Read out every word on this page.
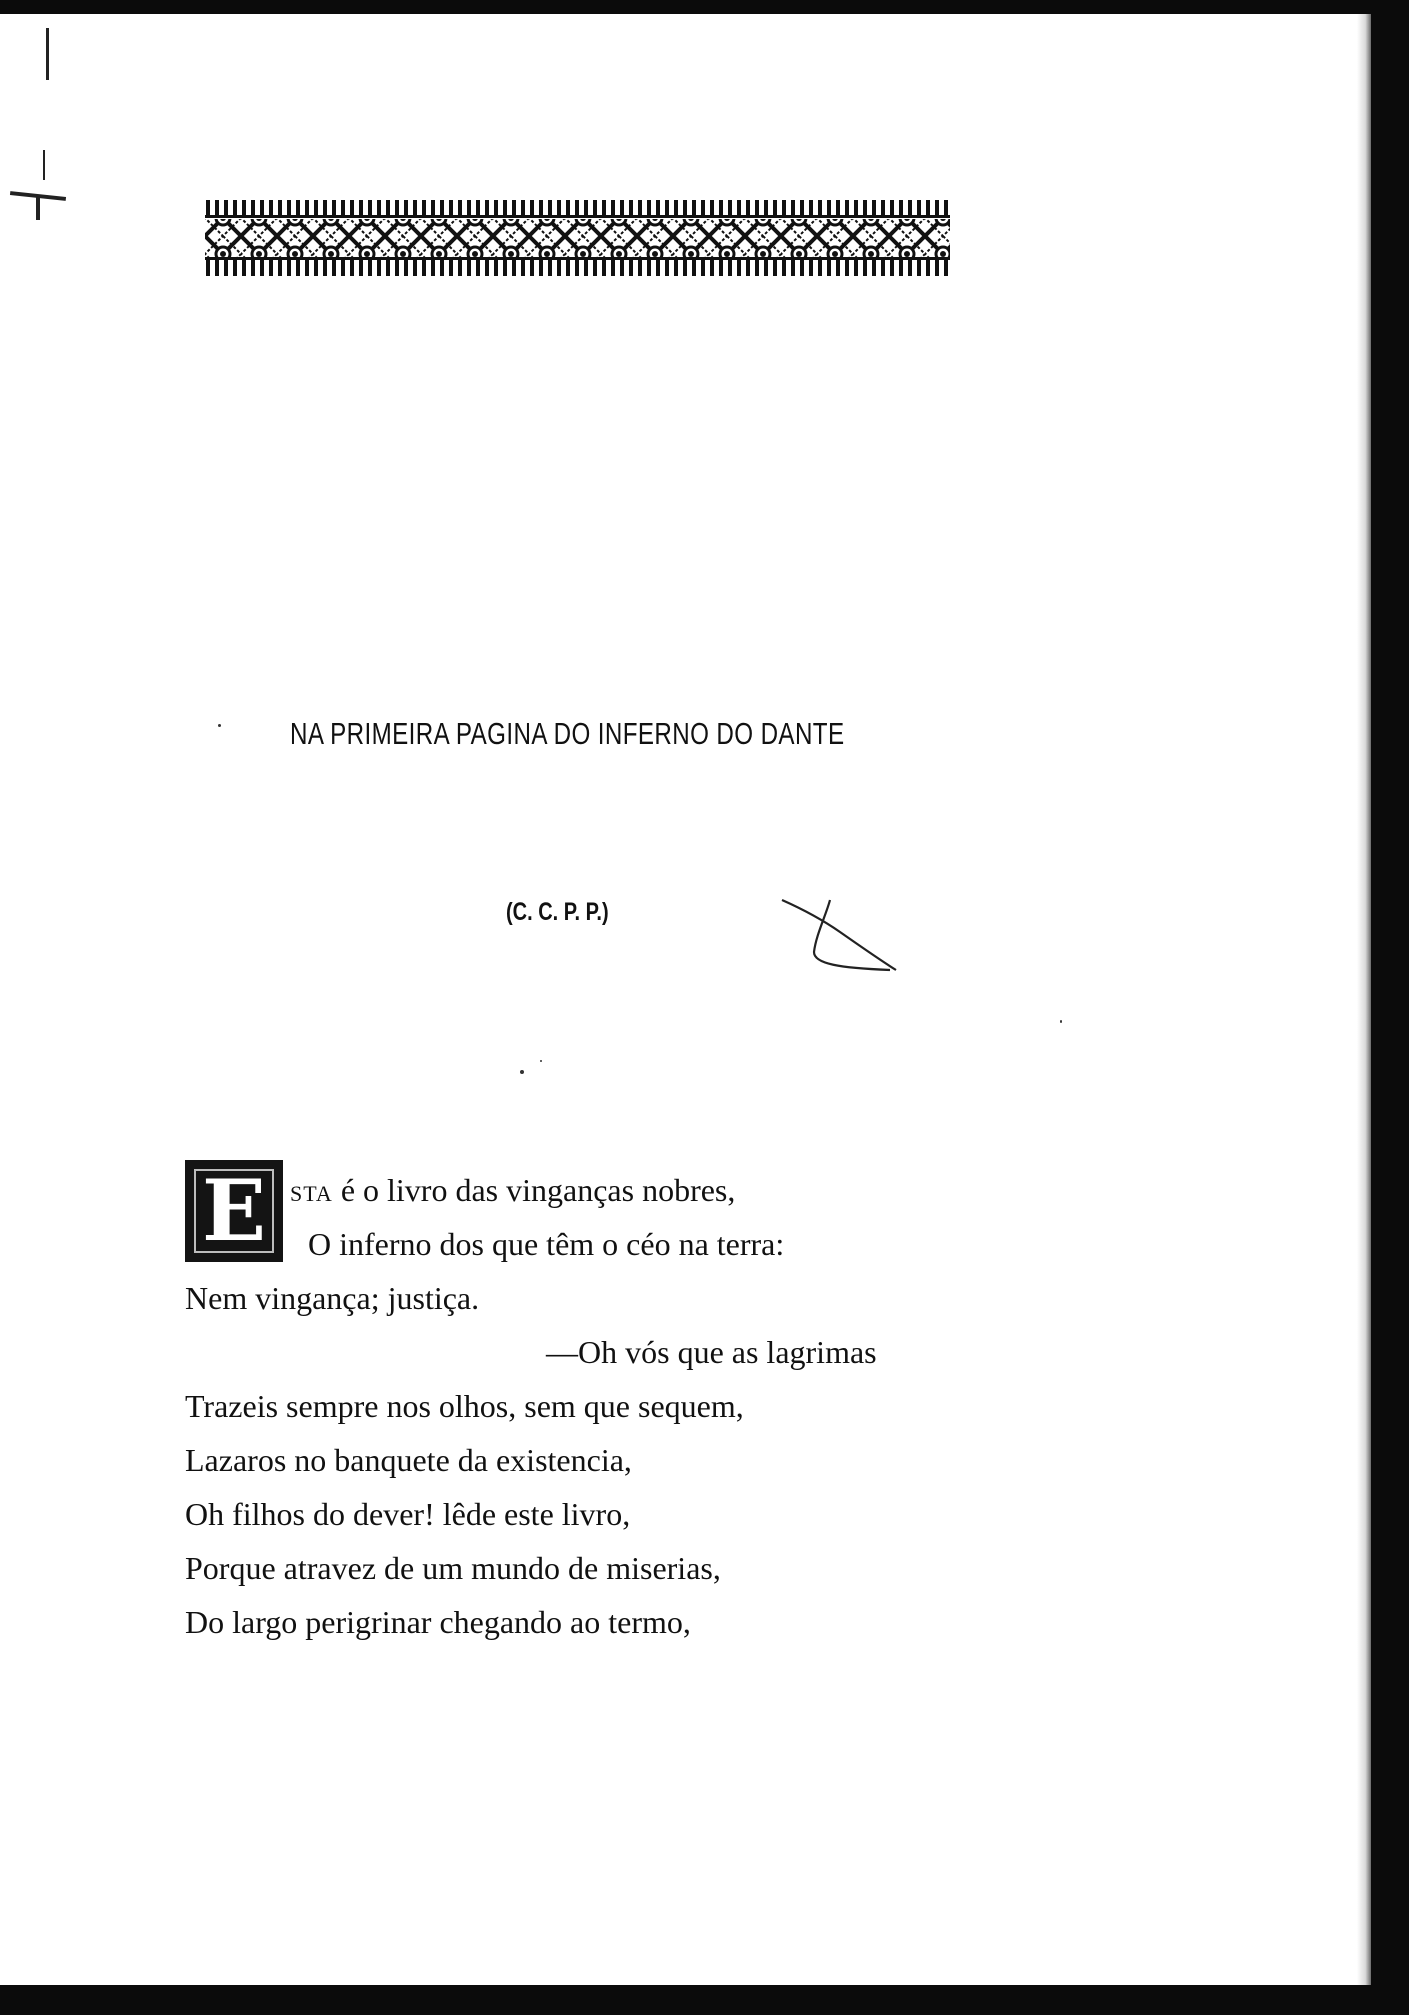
NA PRIMEIRA PAGINA DO INFERNO DO DANTE
(C. C. P. P.)
E	STA é o livro das vinganças nobres,
O inferno dos que têm o céo na terra:
Nem vingança; justiça.
—Oh vós que as lagrimas
Trazeis sempre nos olhos, sem que sequem,
Lazaros no banquete da existencia,
Oh filhos do dever! lêde este livro,
Porque atravez de um mundo de miserias,
Do largo perigrinar chegando ao termo,
